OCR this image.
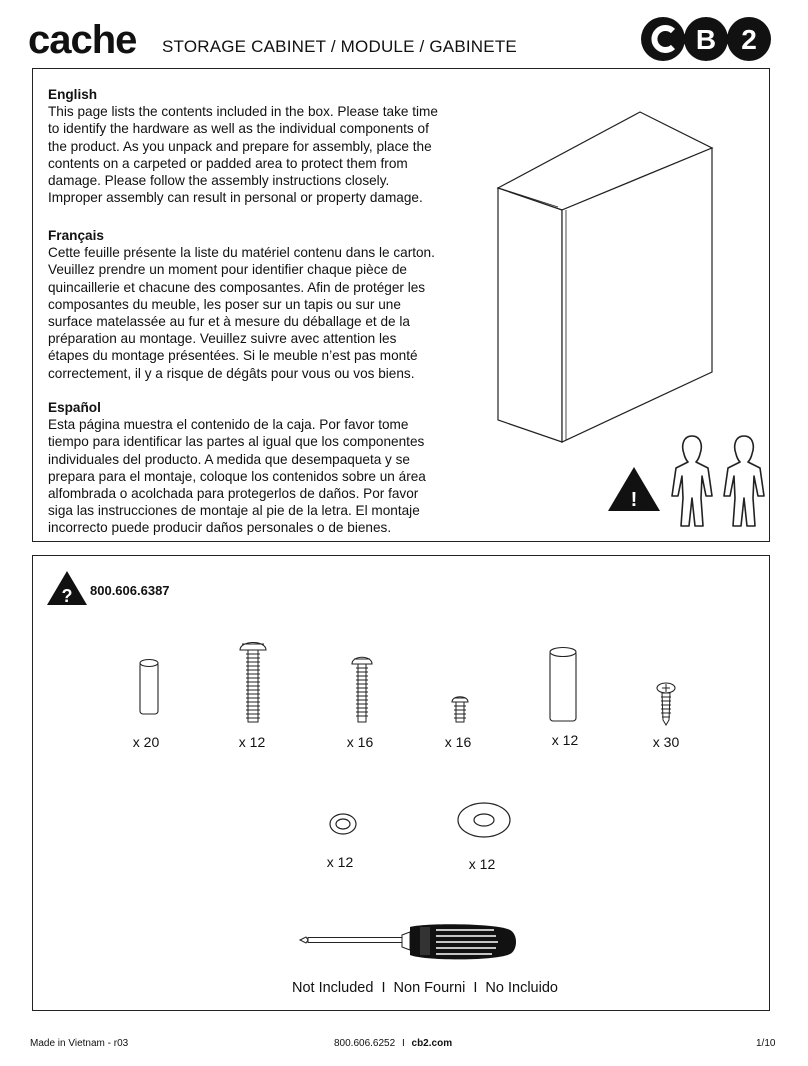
cache STORAGE CABINET / MODULE / GABINETE	B 2
English

This page lists the contents included in the box. Please take time to identify the hardware as well as the individual components of the product. As you unpack and prepare for assembly, place the contents on a carpeted or padded area to protect them from damage. Please follow the assembly instructions closely. Improper assembly can result in personal or property damage.

Français

Cette feuille présente la liste du matériel contenu dans le carton. Veuillez prendre un moment pour identifier chaque pièce de quincaillerie et chacune des composantes. Afin de protéger les composantes du meuble, les poser sur un tapis ou sur une surface matelassée au fur et à mesure du déballage et de la préparation au montage. Veuillez suivre avec attention les étapes du montage présentées. Si le meuble n’est pas monté correctement, il y a risque de dégâts pour vous ou vos biens.

Español

Esta página muestra el contenido de la caja. Por favor tome tiempo para identificar las partes al igual que los componentes individuales del producto. A medida que desempaqueta y se prepara para el montaje, coloque los contenidos sobre un área alfombrada o acolchada para protegerlos de daños. Por favor siga las instrucciones de montaje al pie de la letra. El montaje incorrecto puede producir daños personales o de bienes.

!
? 800.606.6387
x 20	x 12	x 16	x 16	x 12	x 30
x 12	x 12
Not Included  I  Non Fourni  I  No Incluido
Made in Vietnam - r03	800.606.6252 I cb2.com	1/10
